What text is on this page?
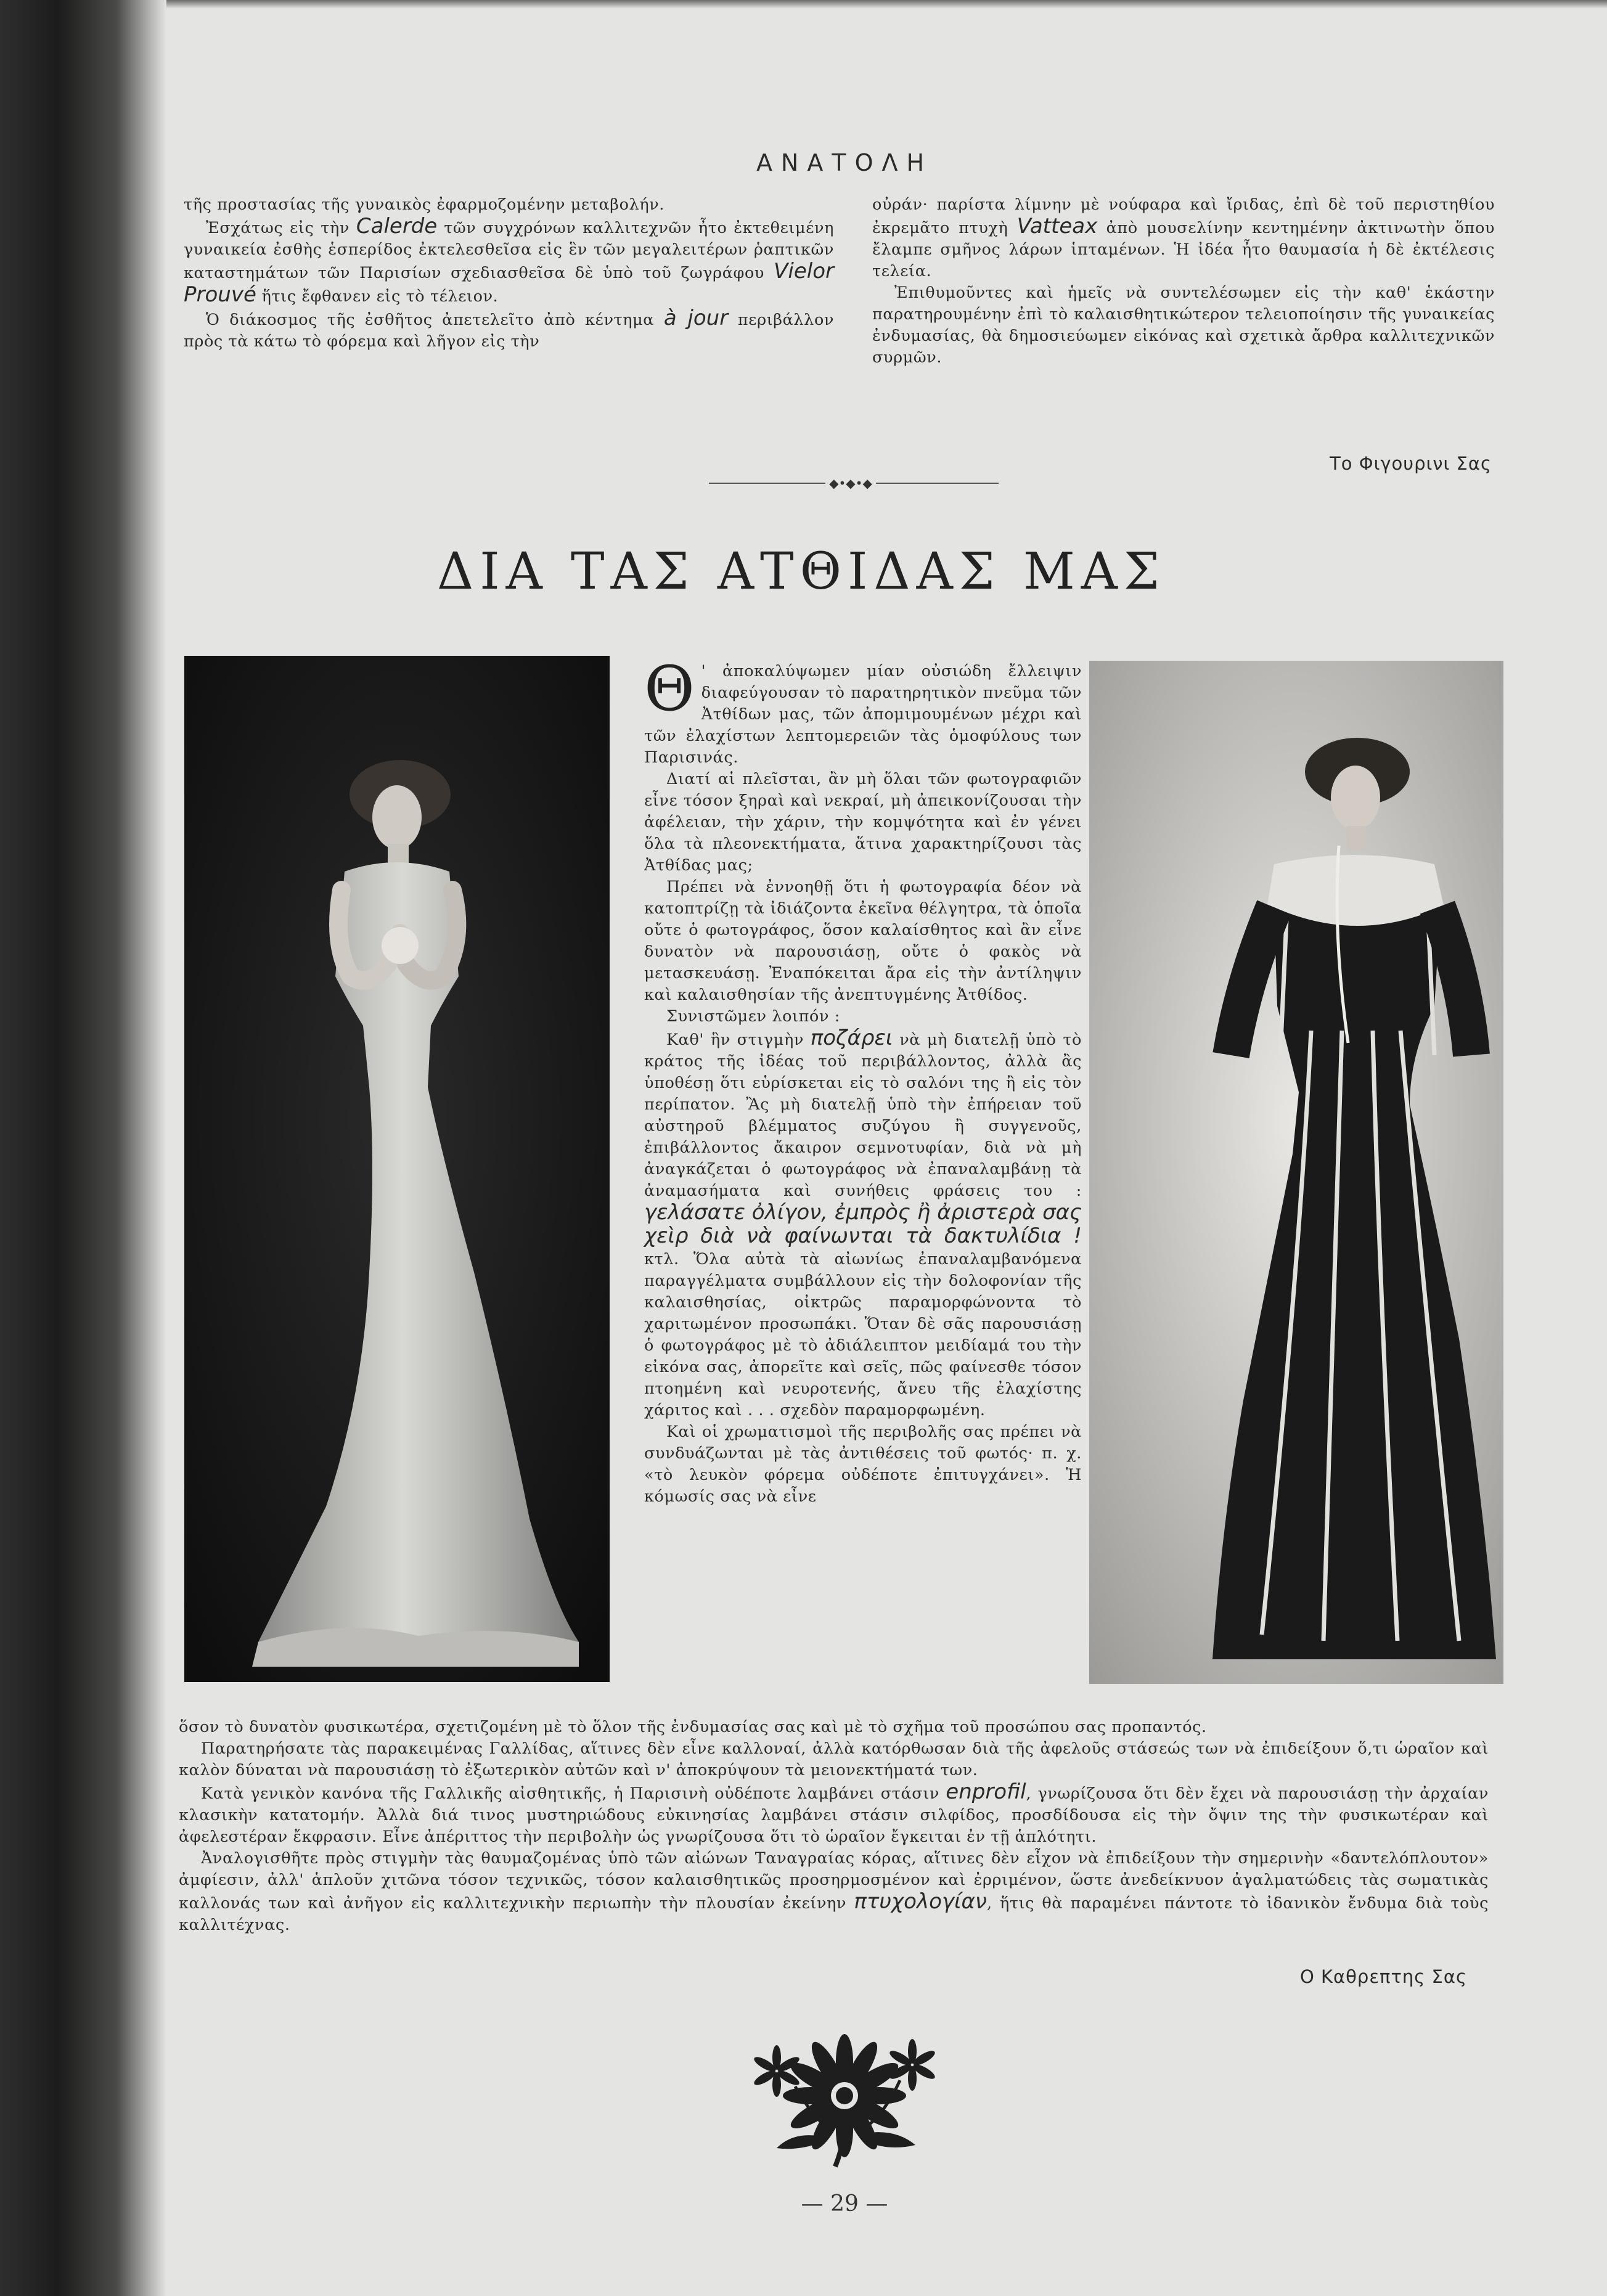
ΑΝΑΤΟΛΗ

τῆς προστασίας τῆς γυναικὸς ἐφαρμοζομένην μεταβολήν.

Ἐσχάτως εἰς τὴν Calerde τῶν συγχρόνων καλλιτεχνῶν ἦτο ἐκτεθειμένη γυναικεία ἐσθὴς ἑσπερίδος ἐκτελεσθεῖσα εἰς ἓν τῶν μεγαλειτέρων ῥαπτικῶν καταστημάτων τῶν Παρισίων σχεδιασθεῖσα δὲ ὑπὸ τοῦ ζωγράφου Vielor Prouvé ἥτις ἔφθανεν εἰς τὸ τέλειον.

Ὁ διάκοσμος τῆς ἐσθῆτος ἀπετελεῖτο ἀπὸ κέντημα à jour περιβάλλον πρὸς τὰ κάτω τὸ φόρεμα καὶ λῆγον εἰς τὴν

οὐράν· παρίστα λίμνην μὲ νούφαρα καὶ ἴριδας, ἐπὶ δὲ τοῦ περιστηθίου ἐκρεμᾶτο πτυχὴ Vatteax ἀπὸ μουσελίνην κεντημένην ἀκτινωτὴν ὅπου ἔλαμπε σμῆνος λάρων ἱπταμένων. Ἡ ἰδέα ἦτο θαυμασία ἡ δὲ ἐκτέλεσις τελεία.

Ἐπιθυμοῦντες καὶ ἡμεῖς νὰ συντελέσωμεν εἰς τὴν καθ' ἑκάστην παρατηρουμένην ἐπὶ τὸ καλαισθητικώτερον τελειοποίησιν τῆς γυναικείας ἐνδυμασίας, θὰ δημοσιεύωμεν εἰκόνας καὶ σχετικὰ ἄρθρα καλλιτεχνικῶν συρμῶν.

Το Φιγουρινι Σας
◆•◆•◆
ΔΙΑ ΤΑΣ ΑΤΘΙΔΑΣ ΜΑΣ

Θ ' ἀποκαλύψωμεν μίαν οὐσιώδη ἔλλειψιν διαφεύγουσαν τὸ παρατηρητικὸν πνεῦμα τῶν Ἀτθίδων μας, τῶν ἀπομιμουμένων μέχρι καὶ τῶν ἐλαχίστων λεπτομερειῶν τὰς ὁμοφύλους των Παρισινάς.

Διατί αἱ πλεῖσται, ἂν μὴ ὅλαι τῶν φωτογραφιῶν εἶνε τόσον ξηραὶ καὶ νεκραί, μὴ ἀπεικονίζουσαι τὴν ἀφέλειαν, τὴν χάριν, τὴν κομψότητα καὶ ἐν γένει ὅλα τὰ πλεονεκτήματα, ἅτινα χαρακτηρίζουσι τὰς Ἀτθίδας μας;

Πρέπει νὰ ἐννοηθῇ ὅτι ἡ φωτογραφία δέον νὰ κατοπτρίζῃ τὰ ἰδιάζοντα ἐκεῖνα θέλγητρα, τὰ ὁποῖα οὔτε ὁ φωτογράφος, ὅσον καλαίσθητος καὶ ἂν εἶνε δυνατὸν νὰ παρουσιάσῃ, οὔτε ὁ φακὸς νὰ μετασκευάσῃ. Ἐναπόκειται ἄρα εἰς τὴν ἀντίληψιν καὶ καλαισθησίαν τῆς ἀνεπτυγμένης Ἀτθίδος.

Συνιστῶμεν λοιπόν :

Καθ' ἣν στιγμὴν ποζάρει νὰ μὴ διατελῇ ὑπὸ τὸ κράτος τῆς ἰδέας τοῦ περιβάλλοντος, ἀλλὰ ἂς ὑποθέσῃ ὅτι εὑρίσκεται εἰς τὸ σαλόνι της ἢ εἰς τὸν περίπατον. Ἂς μὴ διατελῇ ὑπὸ τὴν ἐπήρειαν τοῦ αὐστηροῦ βλέμματος συζύγου ἢ συγγενοῦς, ἐπιβάλλοντος ἄκαιρον σεμνοτυφίαν, διὰ νὰ μὴ ἀναγκάζεται ὁ φωτογράφος νὰ ἐπαναλαμβάνῃ τὰ ἀναμασήματα καὶ συνήθεις φράσεις του : γελάσατε ὀλίγον, ἐμπρὸς ἢ ἀριστερὰ σας χεὶρ διὰ νὰ φαίνωνται τὰ δακτυλίδια ! κτλ. Ὅλα αὐτὰ τὰ αἰωνίως ἐπαναλαμβανόμενα παραγγέλματα συμβάλλουν εἰς τὴν δολοφονίαν τῆς καλαισθησίας, οἰκτρῶς παραμορφώνοντα τὸ χαριτωμένον προσωπάκι. Ὅταν δὲ σᾶς παρουσιάσῃ ὁ φωτογράφος μὲ τὸ ἀδιάλειπτον μειδίαμά του τὴν εἰκόνα σας, ἀπορεῖτε καὶ σεῖς, πῶς φαίνεσθε τόσον πτοημένη καὶ νευροτενής, ἄνευ τῆς ἐλαχίστης χάριτος καὶ . . . σχεδὸν παραμορφωμένη.

Καὶ οἱ χρωματισμοὶ τῆς περιβολῆς σας πρέπει νὰ συνδυάζωνται μὲ τὰς ἀντιθέσεις τοῦ φωτός· π. χ. «τὸ λευκὸν φόρεμα οὐδέποτε ἐπιτυγχάνει». Ἡ κόμωσίς σας νὰ εἶνε

ὅσον τὸ δυνατὸν φυσικωτέρα, σχετιζομένη μὲ τὸ ὅλον τῆς ἐνδυμασίας σας καὶ μὲ τὸ σχῆμα τοῦ προσώπου σας προπαντός.

Παρατηρήσατε τὰς παρακειμένας Γαλλίδας, αἵτινες δὲν εἶνε καλλοναί, ἀλλὰ κατόρθωσαν διὰ τῆς ἀφελοῦς στάσεώς των νὰ ἐπιδείξουν ὅ,τι ὡραῖον καὶ καλὸν δύναται νὰ παρουσιάσῃ τὸ ἐξωτερικὸν αὐτῶν καὶ ν' ἀποκρύψουν τὰ μειονεκτήματά των.

Κατὰ γενικὸν κανόνα τῆς Γαλλικῆς αἰσθητικῆς, ἡ Παρισινὴ οὐδέποτε λαμβάνει στάσιν enprofil, γνωρίζουσα ὅτι δὲν ἔχει νὰ παρουσιάσῃ τὴν ἀρχαίαν κλασικὴν κατατομήν. Ἀλλὰ διά τινος μυστηριώδους εὐκινησίας λαμβάνει στάσιν σιλφίδος, προσδίδουσα εἰς τὴν ὄψιν της τὴν φυσικωτέραν καὶ ἀφελεστέραν ἔκφρασιν. Εἶνε ἀπέριττος τὴν περιβολὴν ὡς γνωρίζουσα ὅτι τὸ ὡραῖον ἔγκειται ἐν τῇ ἁπλότητι.

Ἀναλογισθῆτε πρὸς στιγμὴν τὰς θαυμαζομένας ὑπὸ τῶν αἰώνων Ταναγραίας κόρας, αἵτινες δὲν εἶχον νὰ ἐπιδείξουν τὴν σημερινὴν «δαντελόπλουτον» ἀμφίεσιν, ἀλλ' ἁπλοῦν χιτῶνα τόσον τεχνικῶς, τόσον καλαισθητικῶς προσηρμοσμένον καὶ ἐρριμένον, ὥστε ἀνεδείκνυον ἀγαλματώδεις τὰς σωματικὰς καλλονάς των καὶ ἀνῆγον εἰς καλλιτεχνικὴν περιωπὴν τὴν πλουσίαν ἐκείνην πτυχολογίαν, ἥτις θὰ παραμένει πάντοτε τὸ ἰδανικὸν ἔνδυμα διὰ τοὺς καλλιτέχνας.

Ο Καθρεπτης Σας
— 29 —
